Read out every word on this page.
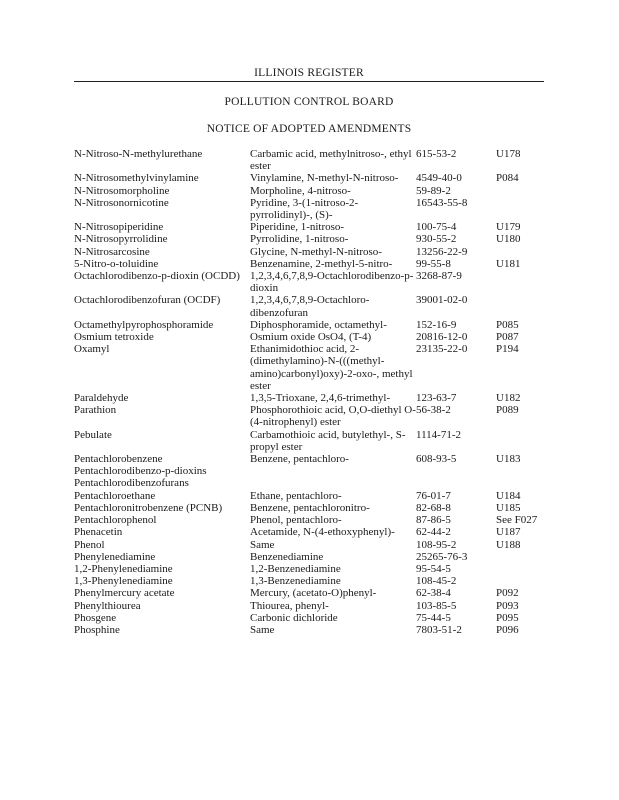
ILLINOIS REGISTER
POLLUTION CONTROL BOARD
NOTICE OF ADOPTED AMENDMENTS
N-Nitroso-N-methylurethane	Carbamic acid, methylnitroso-, ethyl ester	615-53-2	U178
N-Nitrosomethylvinylamine	Vinylamine, N-methyl-N-nitroso-	4549-40-0	P084
N-Nitrosomorpholine	Morpholine, 4-nitroso-	59-89-2	
N-Nitrosonornicotine	Pyridine, 3-(1-nitroso-2-pyrrolidinyl)-, (S)-	16543-55-8	
N-Nitrosopiperidine	Piperidine, 1-nitroso-	100-75-4	U179
N-Nitrosopyrrolidine	Pyrrolidine, 1-nitroso-	930-55-2	U180
N-Nitrosarcosine	Glycine, N-methyl-N-nitroso-	13256-22-9	
5-Nitro-o-toluidine	Benzenamine, 2-methyl-5-nitro-	99-55-8	U181
Octachlorodibenzo-p-dioxin (OCDD)	1,2,3,4,6,7,8,9-Octachlorodibenzo-p-dioxin	3268-87-9	
Octachlorodibenzofuran (OCDF)	1,2,3,4,6,7,8,9-Octachloro-dibenzofuran	39001-02-0	
Octamethylpyrophosphoramide	Diphosphoramide, octamethyl-	152-16-9	P085
Osmium tetroxide	Osmium oxide OsO4, (T-4)	20816-12-0	P087
Oxamyl	Ethanimidothioc acid, 2-(dimethylamino)-N-(((methyl-amino)carbonyl)oxy)-2-oxo-, methyl ester	23135-22-0	P194
Paraldehyde	1,3,5-Trioxane, 2,4,6-trimethyl-	123-63-7	U182
Parathion	Phosphorothioic acid, O,O-diethyl O-(4-nitrophenyl) ester	56-38-2	P089
Pebulate	Carbamothioic acid, butylethyl-, S-propyl ester	1114-71-2	
Pentachlorobenzene	Benzene, pentachloro-	608-93-5	U183
Pentachlorodibenzo-p-dioxins			
Pentachlorodibenzofurans			
Pentachloroethane	Ethane, pentachloro-	76-01-7	U184
Pentachloronitrobenzene (PCNB)	Benzene, pentachloronitro-	82-68-8	U185
Pentachlorophenol	Phenol, pentachloro-	87-86-5	See F027
Phenacetin	Acetamide, N-(4-ethoxyphenyl)-	62-44-2	U187
Phenol	Same	108-95-2	U188
Phenylenediamine	Benzenediamine	25265-76-3	
1,2-Phenylenediamine	1,2-Benzenediamine	95-54-5	
1,3-Phenylenediamine	1,3-Benzenediamine	108-45-2	
Phenylmercury acetate	Mercury, (acetato-O)phenyl-	62-38-4	P092
Phenylthiourea	Thiourea, phenyl-	103-85-5	P093
Phosgene	Carbonic dichloride	75-44-5	P095
Phosphine	Same	7803-51-2	P096
